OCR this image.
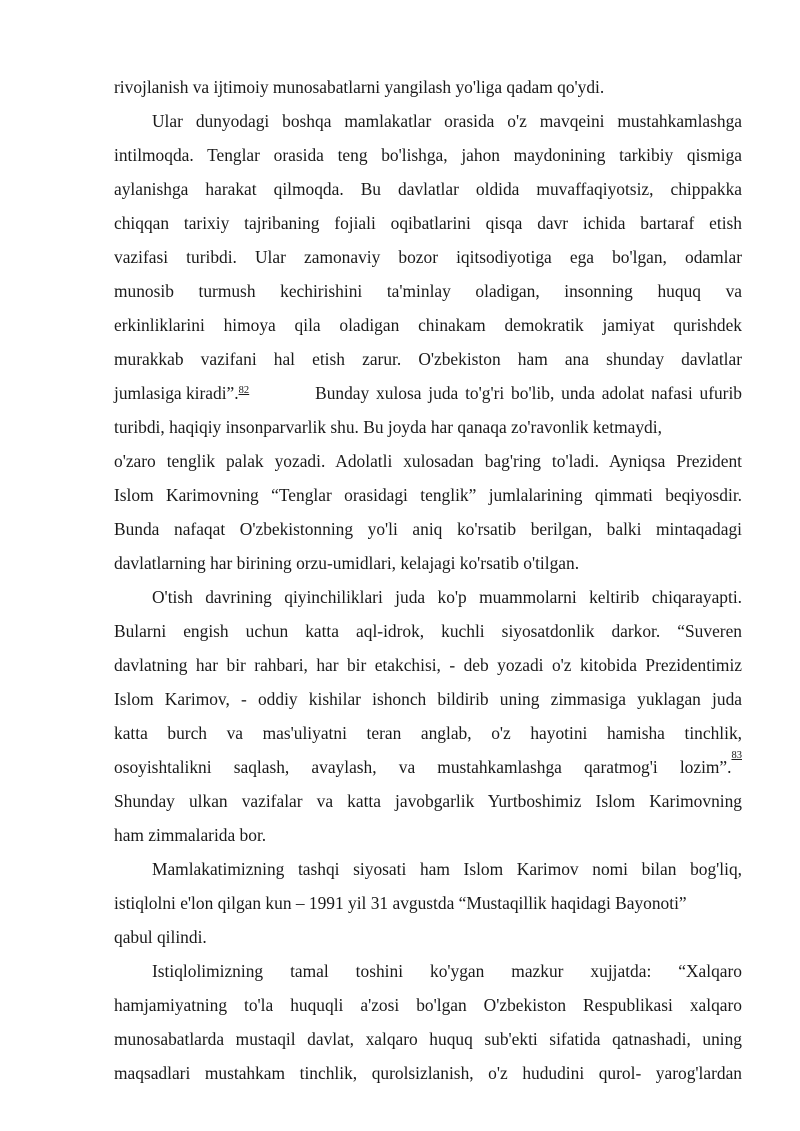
rivojlanish va ijtimoiy munosabatlarni yangilash yo'liga qadam qo'ydi.
Ular dunyodagi boshqa mamlakatlar orasida o'z mavqeini mustahkamlashga
intilmoqda. Tenglar orasida teng bo'lishga, jahon maydonining tarkibiy qismiga
aylanishga harakat qilmoqda. Bu davlatlar oldida muvaffaqiyotsiz, chippakka
chiqqan tarixiy tajribaning fojiali oqibatlarini qisqa davr ichida bartaraf etish
vazifasi turibdi. Ular zamonaviy bozor iqitsodiyotiga ega bo'lgan, odamlar
munosib turmush kechirishini ta'minlay oladigan, insonning huquq va
erkinliklarini himoya qila oladigan chinakam demokratik jamiyat qurishdek
murakkab vazifani hal etish zarur. O'zbekiston ham ana shunday davlatlar
jumlasiga kiradi”.$^{82}$	Bunday xulosa juda to'g'ri bo'lib, unda adolat nafasi ufurib
turibdi, haqiqiy insonparvarlik shu. Bu joyda har qanaqa zo'ravonlik ketmaydi,
o'zaro tenglik palak yozadi. Adolatli xulosadan bag'ring to'ladi. Ayniqsa Prezident
Islom Karimovning “Tenglar orasidagi tenglik” jumlalarining qimmati beqiyosdir.
Bunda nafaqat O'zbekistonning yo'li aniq ko'rsatib berilgan, balki mintaqadagi
davlatlarning har birining orzu-umidlari, kelajagi ko'rsatib o'tilgan.
O'tish davrining qiyinchiliklari juda ko'p muammolarni keltirib chiqarayapti.
Bularni engish uchun katta aql-idrok, kuchli siyosatdonlik darkor. “Suveren
davlatning har bir rahbari, har bir etakchisi, - deb yozadi o'z kitobida Prezidentimiz
Islom Karimov, - oddiy kishilar ishonch bildirib uning zimmasiga yuklagan juda
katta burch va mas'uliyatni teran anglab, o'z hayotini hamisha tinchlik,
osoyishtalikni saqlash, avaylash, va mustahkamlashga qaratmog'i lozim”.
83
Shunday ulkan vazifalar va katta javobgarlik Yurtboshimiz Islom Karimovning
ham zimmalarida bor.
Mamlakatimizning tashqi siyosati ham Islom Karimov nomi bilan bog'liq,
istiqlolni e'lon qilgan kun – 1991 yil 31 avgustda “Mustaqillik haqidagi Bayonoti”
qabul qilindi.
Istiqlolimizning tamal toshini ko'ygan mazkur xujjatda: “Xalqaro
hamjamiyatning to'la huquqli a'zosi bo'lgan O'zbekiston Respublikasi xalqaro
munosabatlarda mustaqil davlat, xalqaro huquq sub'ekti sifatida qatnashadi, uning
maqsadlari mustahkam tinchlik, qurolsizlanish, o'z hududini qurol- yarog'lardan
